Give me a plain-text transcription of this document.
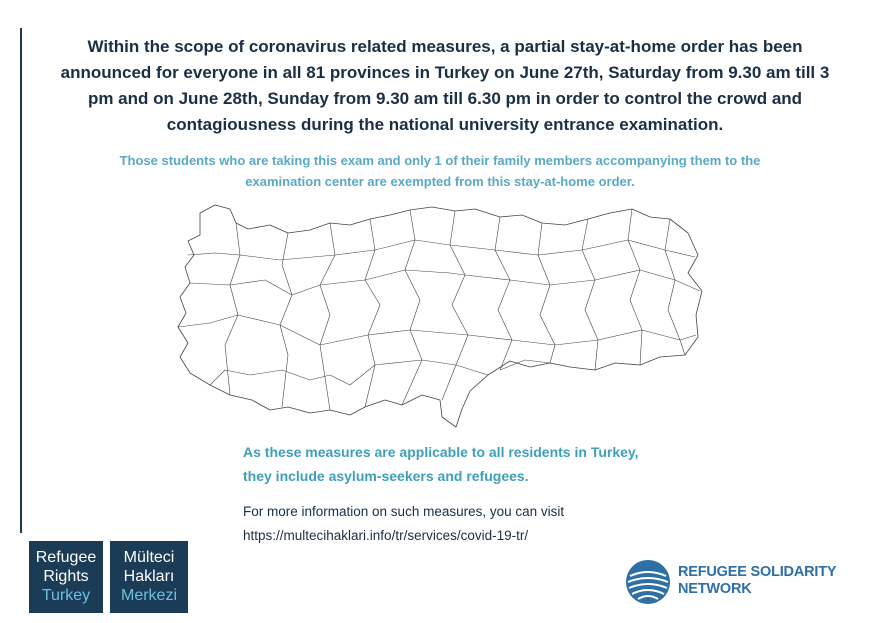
Within the scope of coronavirus related measures, a partial stay-at-home order has been announced for everyone in all 81 provinces in Turkey on June 27th, Saturday from 9.30 am till 3 pm and on June 28th, Sunday from 9.30 am till 6.30 pm in order to control the crowd and contagiousness during the national university entrance examination.
Those students who are taking this exam and only 1 of their family members accompanying them to the examination center are exempted from this stay-at-home order.
As these measures are applicable to all residents in Turkey, they include asylum-seekers and refugees.
For more information on such measures, you can visit
https://multecihaklari.info/tr/services/covid-19-tr/
Refugee
Rights
Turkey
Mülteci
Hakları
Merkezi
REFUGEE SOLIDARITY
NETWORK
